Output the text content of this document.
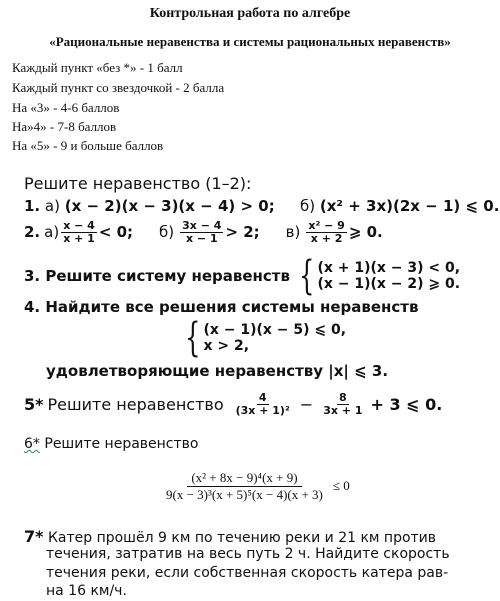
Контрольная работа по алгебре
«Рациональные неравенства и системы рациональных неравенств»
Каждый пункт «без *» - 1 балл
Каждый пункт со звездочкой - 2 балла
На «3» - 4-6 баллов
На»4» - 7-8 баллов
На «5» - 9 и больше баллов
Решите неравенство (1–2):
1. а) (x − 2)(x − 3)(x − 4) > 0; б) (x² + 3x)(2x − 1) ⩽ 0.
2. $а) \frac{x - 4}{x + 1} < 0$; $б) \frac{3x - 4}{x - 1} > 2$; $в) \frac{\text{x² − 9}}{x + 2}$ ⩾ 0.
3. Решите систему неравенств { (x + 1)(x − 3) < 0,
(x − 1)(x − 2) ⩾ 0.
4. Найдите все решения системы неравенств
{ (x − 1)(x − 5) ⩽ 0,
x > 2,
удовлетворяющие неравенству |x| ⩽ 3.
5* Решите неравенство $\frac{4}{\text{(3x + 1)²}} - \frac{8}{3x + 1} + 3$ ⩽ 0.
6* Решите неравенство
$\frac{\text{(x² + 8x − 9)⁴(x + 9)}}{\text{9(x − 3)³(x + 5)⁵(x − 4)(x + 3)}} \le 0$
7* Катер прошёл 9 км по течению реки и 21 км против
течения, затратив на весь путь 2 ч. Найдите скорость
течения реки, если собственная скорость катера рав-
на 16 км/ч.
